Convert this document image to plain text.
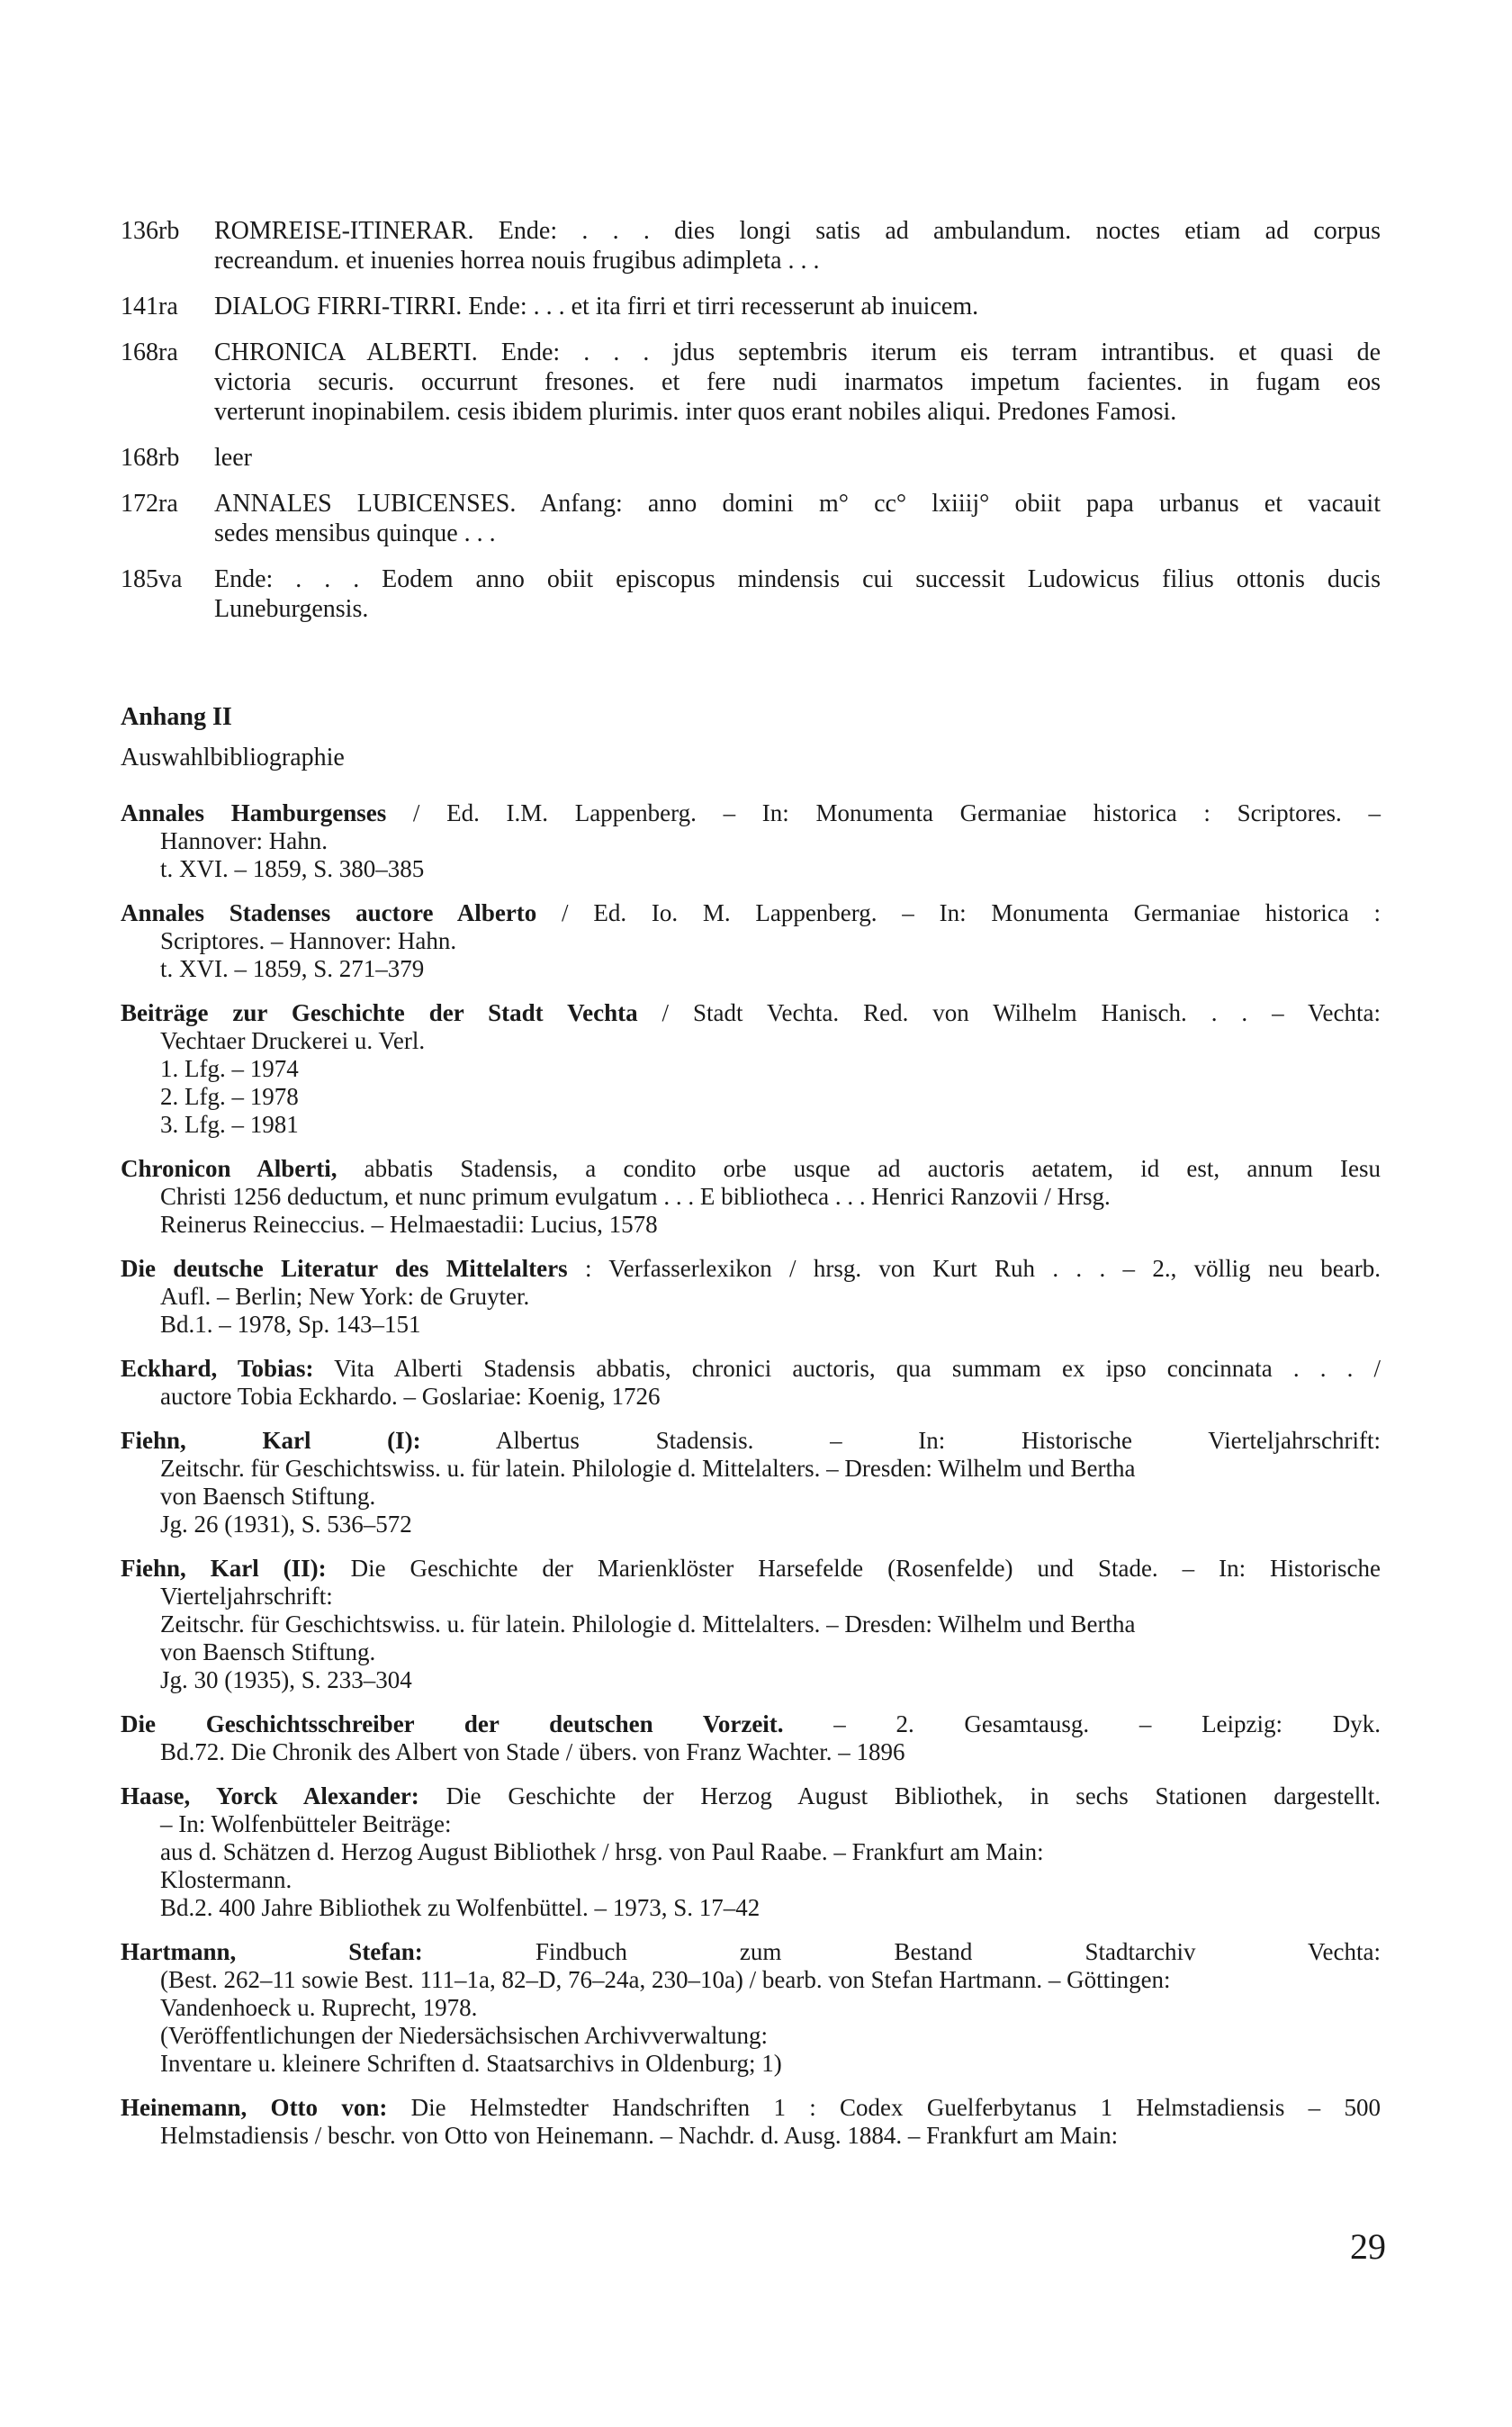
136rb	ROMREISE-ITINERAR. Ende: . . . dies longi satis ad ambulandum. noctes etiam ad corpus
recreandum. et inuenies horrea nouis frugibus adimpleta . . .
141ra	DIALOG FIRRI-TIRRI. Ende: . . . et ita firri et tirri recesserunt ab inuicem.
168ra	CHRONICA ALBERTI. Ende: . . . jdus septembris iterum eis terram intrantibus. et quasi de
victoria securis. occurrunt fresones. et fere nudi inarmatos impetum facientes. in fugam eos
verterunt inopinabilem. cesis ibidem plurimis. inter quos erant nobiles aliqui. Predones Famosi.
168rb	leer
172ra	ANNALES LUBICENSES. Anfang: anno domini m° cc° lxiiij° obiit papa urbanus et vacauit
sedes mensibus quinque . . .
185va	Ende: . . . Eodem anno obiit episcopus mindensis cui successit Ludowicus filius ottonis ducis
Luneburgensis.

Anhang II

Auswahlbibliographie

Annales Hamburgenses / Ed. I.M. Lappenberg. – In: Monumenta Germaniae historica : Scriptores. –
Hannover: Hahn.
t. XVI. – 1859, S. 380–385
Annales Stadenses auctore Alberto / Ed. Io. M. Lappenberg. – In: Monumenta Germaniae historica :
Scriptores. – Hannover: Hahn.
t. XVI. – 1859, S. 271–379
Beiträge zur Geschichte der Stadt Vechta / Stadt Vechta. Red. von Wilhelm Hanisch. . . – Vechta:
Vechtaer Druckerei u. Verl.
1. Lfg. – 1974
2. Lfg. – 1978
3. Lfg. – 1981
Chronicon Alberti, abbatis Stadensis, a condito orbe usque ad auctoris aetatem, id est, annum Iesu
Christi 1256 deductum, et nunc primum evulgatum . . . E bibliotheca . . . Henrici Ranzovii / Hrsg.
Reinerus Reineccius. – Helmaestadii: Lucius, 1578
Die deutsche Literatur des Mittelalters : Verfasserlexikon / hrsg. von Kurt Ruh . . . – 2., völlig neu bearb.
Aufl. – Berlin; New York: de Gruyter.
Bd.1. – 1978, Sp. 143–151
Eckhard, Tobias: Vita Alberti Stadensis abbatis, chronici auctoris, qua summam ex ipso concinnata . . . /
auctore Tobia Eckhardo. – Goslariae: Koenig, 1726
Fiehn, Karl (I): Albertus Stadensis. – In: Historische Vierteljahrschrift:
Zeitschr. für Geschichtswiss. u. für latein. Philologie d. Mittelalters. – Dresden: Wilhelm und Bertha
von Baensch Stiftung.
Jg. 26 (1931), S. 536–572
Fiehn, Karl (II): Die Geschichte der Marienklöster Harsefelde (Rosenfelde) und Stade. – In: Historische
Vierteljahrschrift:
Zeitschr. für Geschichtswiss. u. für latein. Philologie d. Mittelalters. – Dresden: Wilhelm und Bertha
von Baensch Stiftung.
Jg. 30 (1935), S. 233–304
Die Geschichtsschreiber der deutschen Vorzeit. – 2. Gesamtausg. – Leipzig: Dyk.
Bd.72. Die Chronik des Albert von Stade / übers. von Franz Wachter. – 1896
Haase, Yorck Alexander: Die Geschichte der Herzog August Bibliothek, in sechs Stationen dargestellt.
– In: Wolfenbütteler Beiträge:
aus d. Schätzen d. Herzog August Bibliothek / hrsg. von Paul Raabe. – Frankfurt am Main:
Klostermann.
Bd.2. 400 Jahre Bibliothek zu Wolfenbüttel. – 1973, S. 17–42
Hartmann, Stefan: Findbuch zum Bestand Stadtarchiv Vechta:
(Best. 262–11 sowie Best. 111–1a, 82–D, 76–24a, 230–10a) / bearb. von Stefan Hartmann. – Göttingen:
Vandenhoeck u. Ruprecht, 1978.
(Veröffentlichungen der Niedersächsischen Archivverwaltung:
Inventare u. kleinere Schriften d. Staatsarchivs in Oldenburg; 1)
Heinemann, Otto von: Die Helmstedter Handschriften 1 : Codex Guelferbytanus 1 Helmstadiensis – 500
Helmstadiensis / beschr. von Otto von Heinemann. – Nachdr. d. Ausg. 1884. – Frankfurt am Main:
29
